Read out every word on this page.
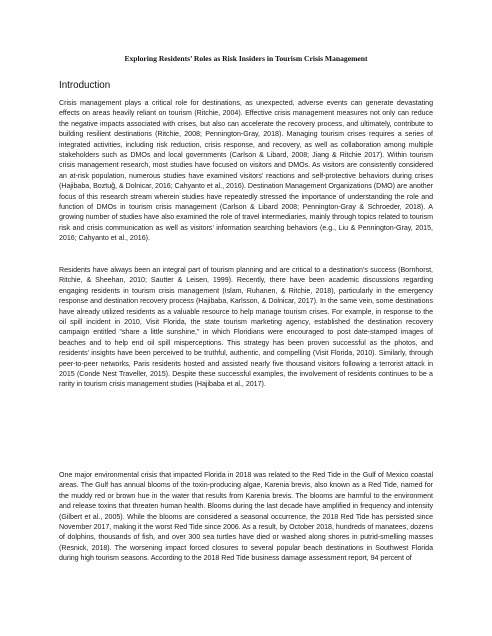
Exploring Residents’ Roles as Risk Insiders in Tourism Crisis Management
Introduction

Crisis management plays a critical role for destinations, as unexpected, adverse events can generate devastating effects on areas heavily reliant on tourism (Ritchie, 2004). Effective crisis management measures not only can reduce the negative impacts associated with crises, but also can accelerate the recovery process, and ultimately, contribute to building resilient destinations (Ritchie, 2008; Pennington-Gray, 2018). Managing tourism crises requires a series of integrated activities, including risk reduction, crisis response, and recovery, as well as collaboration among multiple stakeholders such as DMOs and local governments (Carlson & Libard, 2008; Jiang & Ritchie 2017). Within tourism crisis management research, most studies have focused on visitors and DMOs. As visitors are consistently considered an at-risk population, numerous studies have examined visitors’ reactions and self-protective behaviors during crises (Hajibaba, Boztuğ, & Dolnicar, 2016; Cahyanto et al., 2016). Destination Management Organizations (DMO) are another focus of this research stream wherein studies have repeatedly stressed the importance of understanding the role and function of DMOs in tourism crisis management (Carlson & Libard 2008; Pennington-Gray & Schroeder, 2018). A growing number of studies have also examined the role of travel intermediaries, mainly through topics related to tourism risk and crisis communication as well as visitors’ information searching behaviors (e.g., Liu & Pennington-Gray, 2015, 2016; Cahyanto et al., 2016).

Residents have always been an integral part of tourism planning and are critical to a destination’s success (Bornhorst, Ritchie, & Sheehan, 2010; Sautter & Leisen, 1999). Recently, there have been academic discussions regarding engaging residents in tourism crisis management (Islam, Ruhanen, & Ritchie, 2018), particularly in the emergency response and destination recovery process (Hajibaba, Karlsson, & Dolnicar, 2017). In the same vein, some destinations have already utilized residents as a valuable resource to help manage tourism crises. For example, in response to the oil spill incident in 2010, Visit Florida, the state tourism marketing agency, established the destination recovery campaign entitled “share a little sunshine,” in which Floridians were encouraged to post date-stamped images of beaches and to help end oil spill misperceptions. This strategy has been proven successful as the photos, and residents’ insights have been perceived to be truthful, authentic, and compelling (Visit Florida, 2010). Similarly, through peer-to-peer networks, Paris residents hosted and assisted nearly five thousand visitors following a terrorist attack in 2015 (Conde Nest Traveller, 2015). Despite these successful examples, the involvement of residents continues to be a rarity in tourism crisis management studies (Hajibaba et al., 2017).

One major environmental crisis that impacted Florida in 2018 was related to the Red Tide in the Gulf of Mexico coastal areas. The Gulf has annual blooms of the toxin-producing algae, Karenia brevis, also known as a Red Tide, named for the muddy red or brown hue in the water that results from Karenia brevis. The blooms are harmful to the environment and release toxins that threaten human health. Blooms during the last decade have amplified in frequency and intensity (Gilbert et al., 2005). While the blooms are considered a seasonal occurrence, the 2018 Red Tide has persisted since November 2017, making it the worst Red Tide since 2006. As a result, by October 2018, hundreds of manatees, dozens of dolphins, thousands of fish, and over 300 sea turtles have died or washed along shores in putrid-smelling masses (Resnick, 2018). The worsening impact forced closures to several popular beach destinations in Southwest Florida during high tourism seasons. According to the 2018 Red Tide business damage assessment report, 94 percent of
